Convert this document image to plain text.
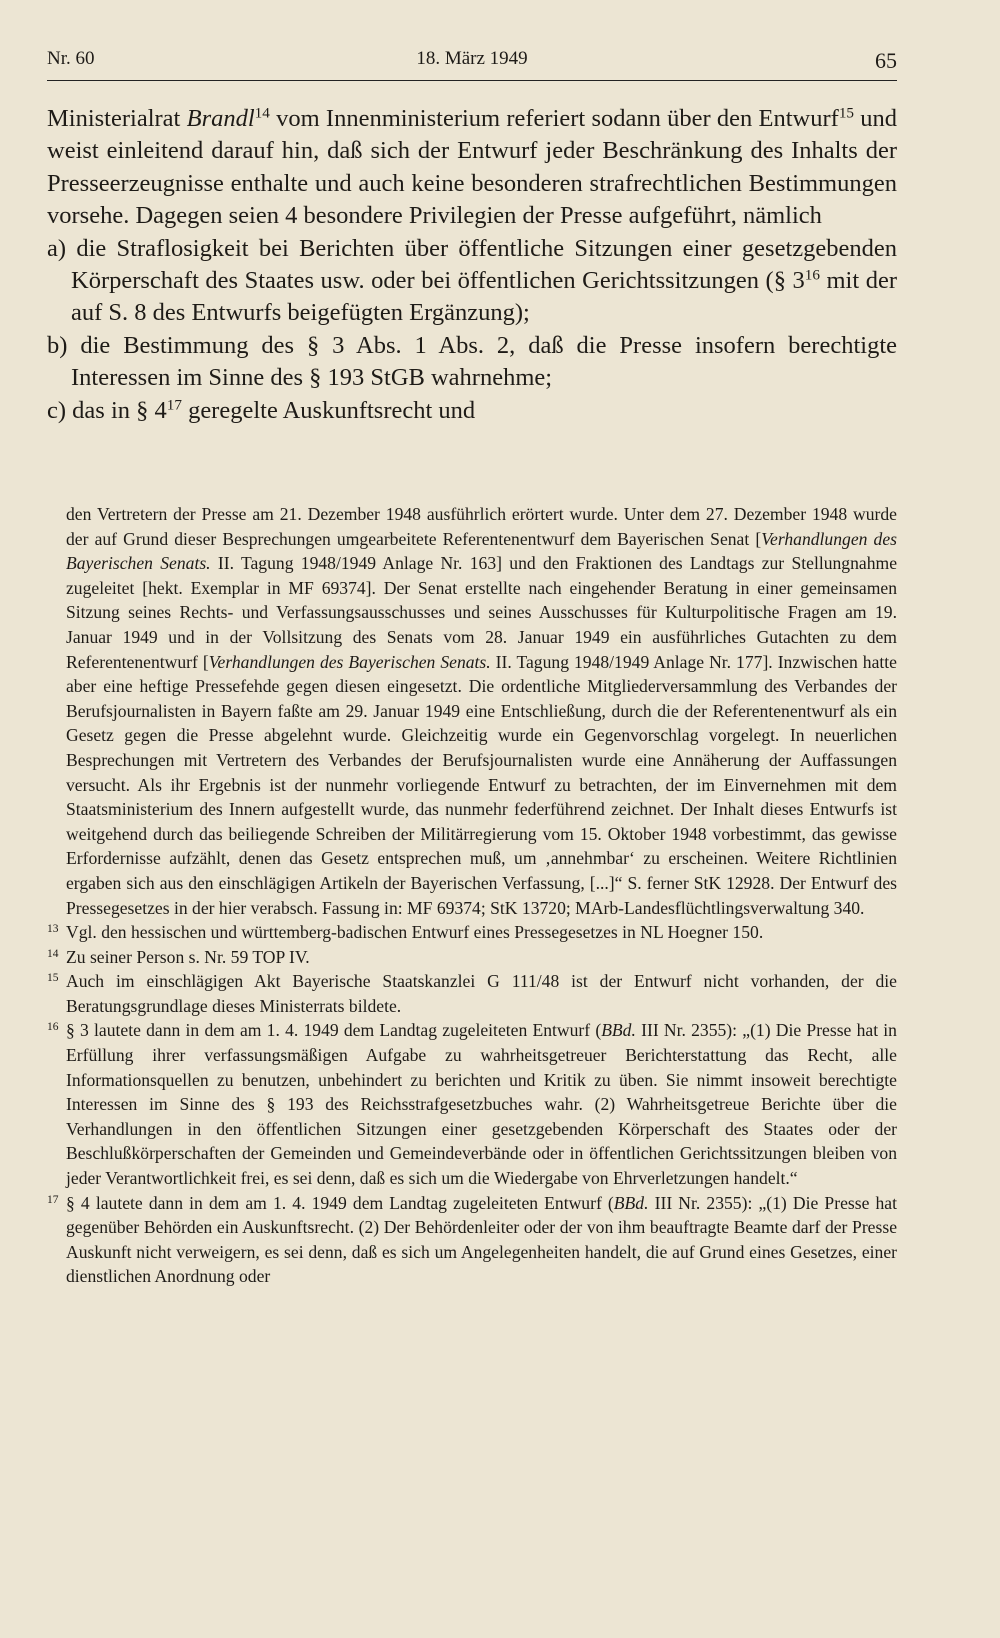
Nr. 60	18. März 1949	65

Ministerialrat Brandl$^{14}$ vom Innenministerium referiert sodann über den Entwurf$^{15}$ und weist einleitend darauf hin, daß sich der Entwurf jeder Beschränkung des Inhalts der Presseerzeugnisse enthalte und auch keine besonderen strafrechtlichen Bestimmungen vorsehe. Dagegen seien 4 besondere Privilegien der Presse aufgeführt, nämlich

a) die Straflosigkeit bei Berichten über öffentliche Sitzungen einer gesetzgebenden Körperschaft des Staates usw. oder bei öffentlichen Gerichtssitzungen (§ $3^{16}$ mit der auf S. 8 des Entwurfs beigefügten Ergänzung);

b) die Bestimmung des § 3 Abs. 1 Abs. 2, daß die Presse insofern berechtigte Interessen im Sinne des § 193 StGB wahrnehme;

c) das in § $4^{17}$ geregelte Auskunftsrecht und

den Vertretern der Presse am 21. Dezember 1948 ausführlich erörtert wurde. Unter dem 27. Dezember 1948 wurde der auf Grund dieser Besprechungen umgearbeitete Referentenentwurf dem Bayerischen Senat [Verhandlungen des Bayerischen Senats. II. Tagung 1948/1949 Anlage Nr. 163] und den Fraktionen des Landtags zur Stellungnahme zugeleitet [hekt. Exemplar in MF 69374]. Der Senat erstellte nach eingehender Beratung in einer gemeinsamen Sitzung seines Rechts- und Verfassungsausschusses und seines Ausschusses für Kulturpolitische Fragen am 19. Januar 1949 und in der Vollsitzung des Senats vom 28. Januar 1949 ein ausführliches Gutachten zu dem Referentenentwurf [Verhandlungen des Bayerischen Senats. II. Tagung 1948/1949 Anlage Nr. 177]. Inzwischen hatte aber eine heftige Pressefehde gegen diesen eingesetzt. Die ordentliche Mitgliederversammlung des Verbandes der Berufsjournalisten in Bayern faßte am 29. Januar 1949 eine Entschließung, durch die der Referentenentwurf als ein Gesetz gegen die Presse abgelehnt wurde. Gleichzeitig wurde ein Gegenvorschlag vorgelegt. In neuerlichen Besprechungen mit Vertretern des Verbandes der Berufsjournalisten wurde eine Annäherung der Auffassungen versucht. Als ihr Ergebnis ist der nunmehr vorliegende Entwurf zu betrachten, der im Einvernehmen mit dem Staatsministerium des Innern aufgestellt wurde, das nunmehr federführend zeichnet. Der Inhalt dieses Entwurfs ist weitgehend durch das beiliegende Schreiben der Militärregierung vom 15. Oktober 1948 vorbestimmt, das gewisse Erfordernisse aufzählt, denen das Gesetz entsprechen muß, um ‚annehmbar‘ zu erscheinen. Weitere Richtlinien ergaben sich aus den einschlägigen Artikeln der Bayerischen Verfassung, [...]“ S. ferner StK 12928. Der Entwurf des Pressegesetzes in der hier verabsch. Fassung in: MF 69374; StK 13720; MArb-Landesflüchtlingsverwaltung 340.

13 Vgl. den hessischen und württemberg-badischen Entwurf eines Pressegesetzes in NL Hoegner 150.

14 Zu seiner Person s. Nr. 59 TOP IV.

15 Auch im einschlägigen Akt Bayerische Staatskanzlei G 111/48 ist der Entwurf nicht vorhanden, der die Beratungsgrundlage dieses Ministerrats bildete.

16 § 3 lautete dann in dem am 1. 4. 1949 dem Landtag zugeleiteten Entwurf (BBd. III Nr. 2355): „(1) Die Presse hat in Erfüllung ihrer verfassungsmäßigen Aufgabe zu wahrheitsgetreuer Berichterstattung das Recht, alle Informationsquellen zu benutzen, unbehindert zu berichten und Kritik zu üben. Sie nimmt insoweit berechtigte Interessen im Sinne des § 193 des Reichsstrafgesetzbuches wahr. (2) Wahrheitsgetreue Berichte über die Verhandlungen in den öffentlichen Sitzungen einer gesetzgebenden Körperschaft des Staates oder der Beschlußkörperschaften der Gemeinden und Gemeindeverbände oder in öffentlichen Gerichtssitzungen bleiben von jeder Verantwortlichkeit frei, es sei denn, daß es sich um die Wiedergabe von Ehrverletzungen handelt.“

17 § 4 lautete dann in dem am 1. 4. 1949 dem Landtag zugeleiteten Entwurf (BBd. III Nr. 2355): „(1) Die Presse hat gegenüber Behörden ein Auskunftsrecht. (2) Der Behördenleiter oder der von ihm beauftragte Beamte darf der Presse Auskunft nicht verweigern, es sei denn, daß es sich um Angelegenheiten handelt, die auf Grund eines Gesetzes, einer dienstlichen Anordnung oder
